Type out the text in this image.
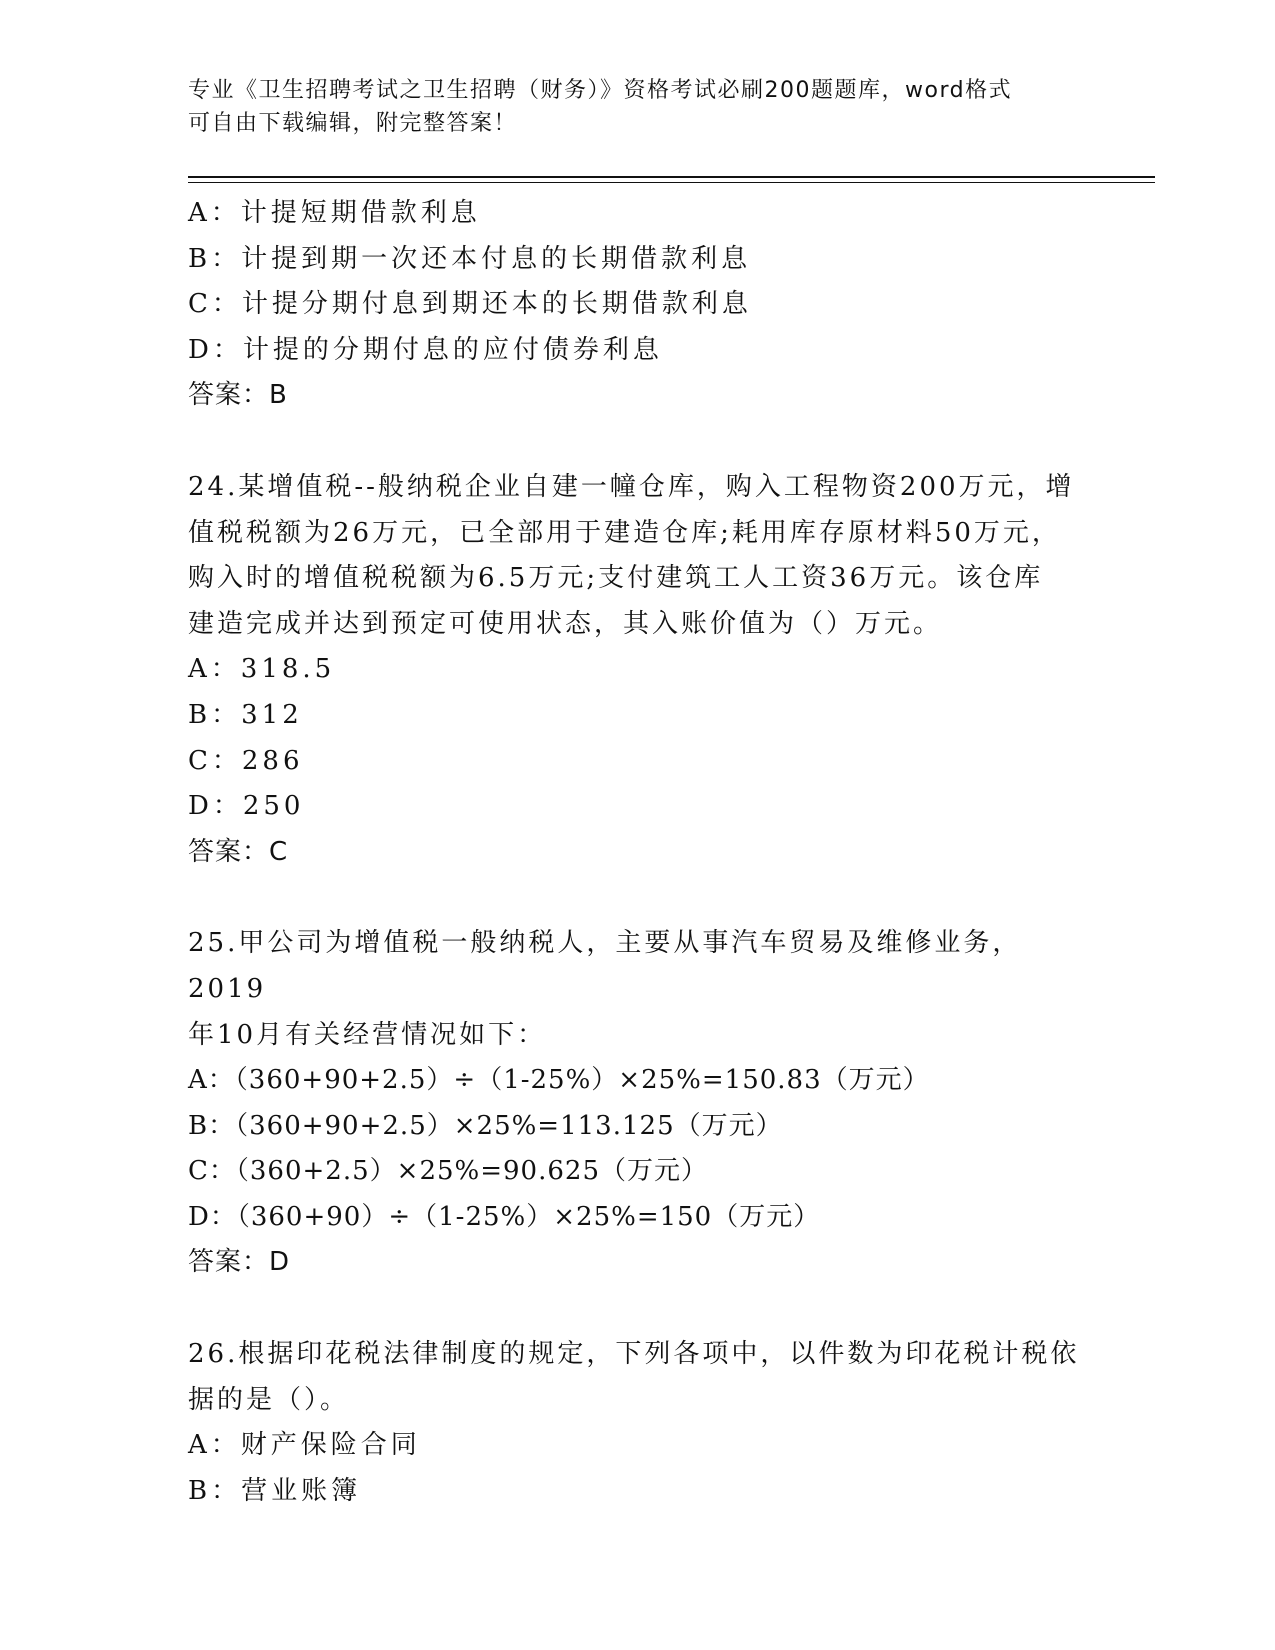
专业《卫生招聘考试之卫生招聘（财务）》资格考试必刷200题题库，word格式
可自由下载编辑，附完整答案！
A：计提短期借款利息
B：计提到期一次还本付息的长期借款利息
C：计提分期付息到期还本的长期借款利息
D：计提的分期付息的应付债券利息
答案：B
24.某增值税--般纳税企业自建一幢仓库，购入工程物资200万元，增
值税税额为26万元，已全部用于建造仓库;耗用库存原材料50万元，
购入时的增值税税额为6.5万元;支付建筑工人工资36万元。该仓库
建造完成并达到预定可使用状态，其入账价值为（）万元。
A：318.5
B：312
C：286
D：250
答案：C
25.甲公司为增值税一般纳税人，主要从事汽车贸易及维修业务，2019
年10月有关经营情况如下：
A：（360+90+2.5）÷（1-25%）×25%=150.83（万元）
B：（360+90+2.5）×25%=113.125（万元）
C：（360+2.5）×25%=90.625（万元）
D：（360+90）÷（1-25%）×25%=150（万元）
答案：D
26.根据印花税法律制度的规定，下列各项中，以件数为印花税计税依
据的是（）。
A：财产保险合同
B：营业账簿
